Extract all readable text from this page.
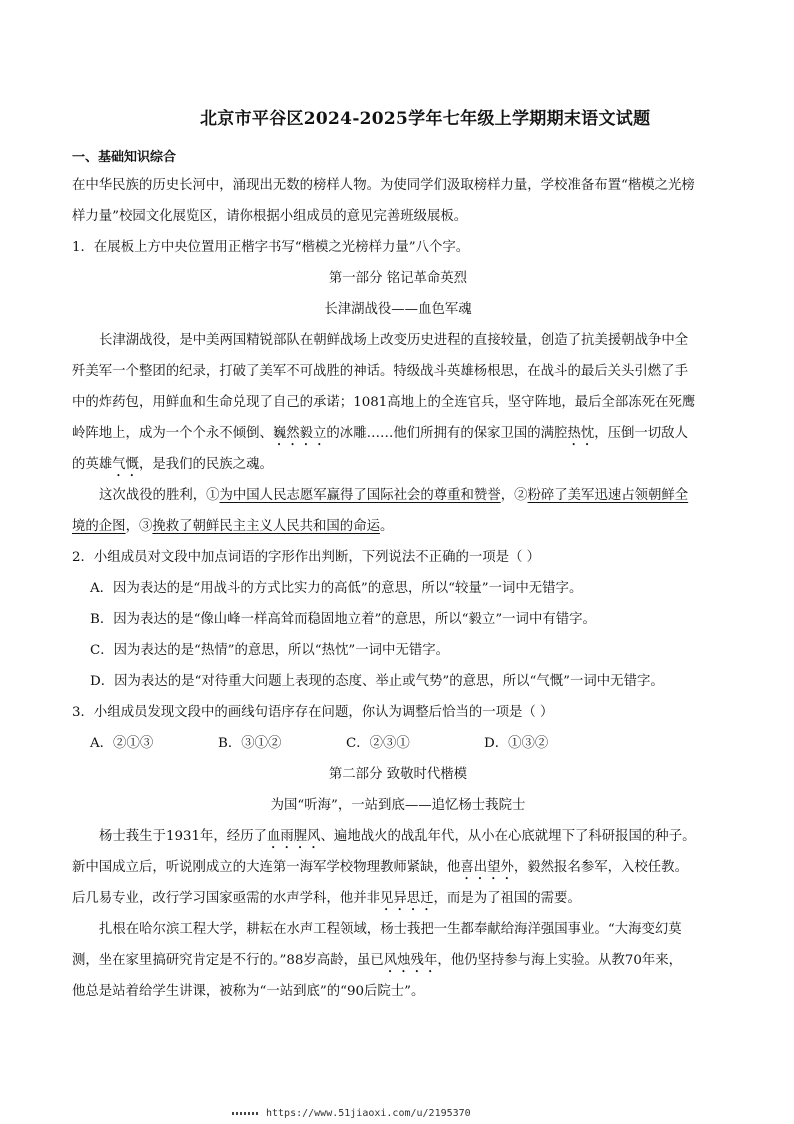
北京市平谷区2024-2025学年七年级上学期期末语文试题
一、基础知识综合
在中华民族的历史长河中，涌现出无数的榜样人物。为使同学们汲取榜样力量，学校准备布置“楷模之光榜
样力量”校园文化展览区，请你根据小组成员的意见完善班级展板。
1．在展板上方中央位置用正楷字书写“楷模之光榜样力量”八个字。
第一部分 铭记革命英烈
长津湖战役——血色军魂
长津湖战役，是中美两国精锐部队在朝鲜战场上改变历史进程的直接较量，创造了抗美援朝战争中全
歼美军一个整团的纪录，打破了美军不可战胜的神话。特级战斗英雄杨根思，在战斗的最后关头引燃了手
中的炸药包，用鲜血和生命兑现了自己的承诺；1081高地上的全连官兵，坚守阵地，最后全部冻死在死鹰
岭阵地上，成为一个个永不倾倒、巍然毅立的冰雕……他们所拥有的保家卫国的满腔热忱，压倒一切敌人
的英雄气慨，是我们的民族之魂。
这次战役的胜利，①为中国人民志愿军赢得了国际社会的尊重和赞誉，②粉碎了美军迅速占领朝鲜全
境的企图，③挽救了朝鲜民主主义人民共和国的命运。
2．小组成员对文段中加点词语的字形作出判断，下列说法不正确的一项是（ ）
A．因为表达的是“用战斗的方式比实力的高低”的意思，所以“较量”一词中无错字。
B．因为表达的是“像山峰一样高耸而稳固地立着”的意思，所以“毅立”一词中有错字。
C．因为表达的是“热情”的意思，所以“热忱”一词中无错字。
D．因为表达的是“对待重大问题上表现的态度、举止或气势”的意思，所以“气慨”一词中无错字。
3．小组成员发现文段中的画线句语序存在问题，你认为调整后恰当的一项是（ ）
A．②①③	B．③①②	C．②③①	D．①③②
第二部分 致敬时代楷模
为国“听海”，一站到底——追忆杨士莪院士
杨士莪生于1931年，经历了血雨腥风、遍地战火的战乱年代，从小在心底就埋下了科研报国的种子。
新中国成立后，听说刚成立的大连第一海军学校物理教师紧缺，他喜出望外，毅然报名参军，入校任教。
后几易专业，改行学习国家亟需的水声学科，他并非见异思迁，而是为了祖国的需要。
扎根在哈尔滨工程大学，耕耘在水声工程领域，杨士莪把一生都奉献给海洋强国事业。“大海变幻莫
测，坐在家里搞研究肯定是不行的。”88岁高龄，虽已风烛残年，他仍坚持参与海上实验。从教70年来，
他总是站着给学生讲课，被称为“一站到底”的“90后院士”。
https://www.51jiaoxi.com/u/2195370
